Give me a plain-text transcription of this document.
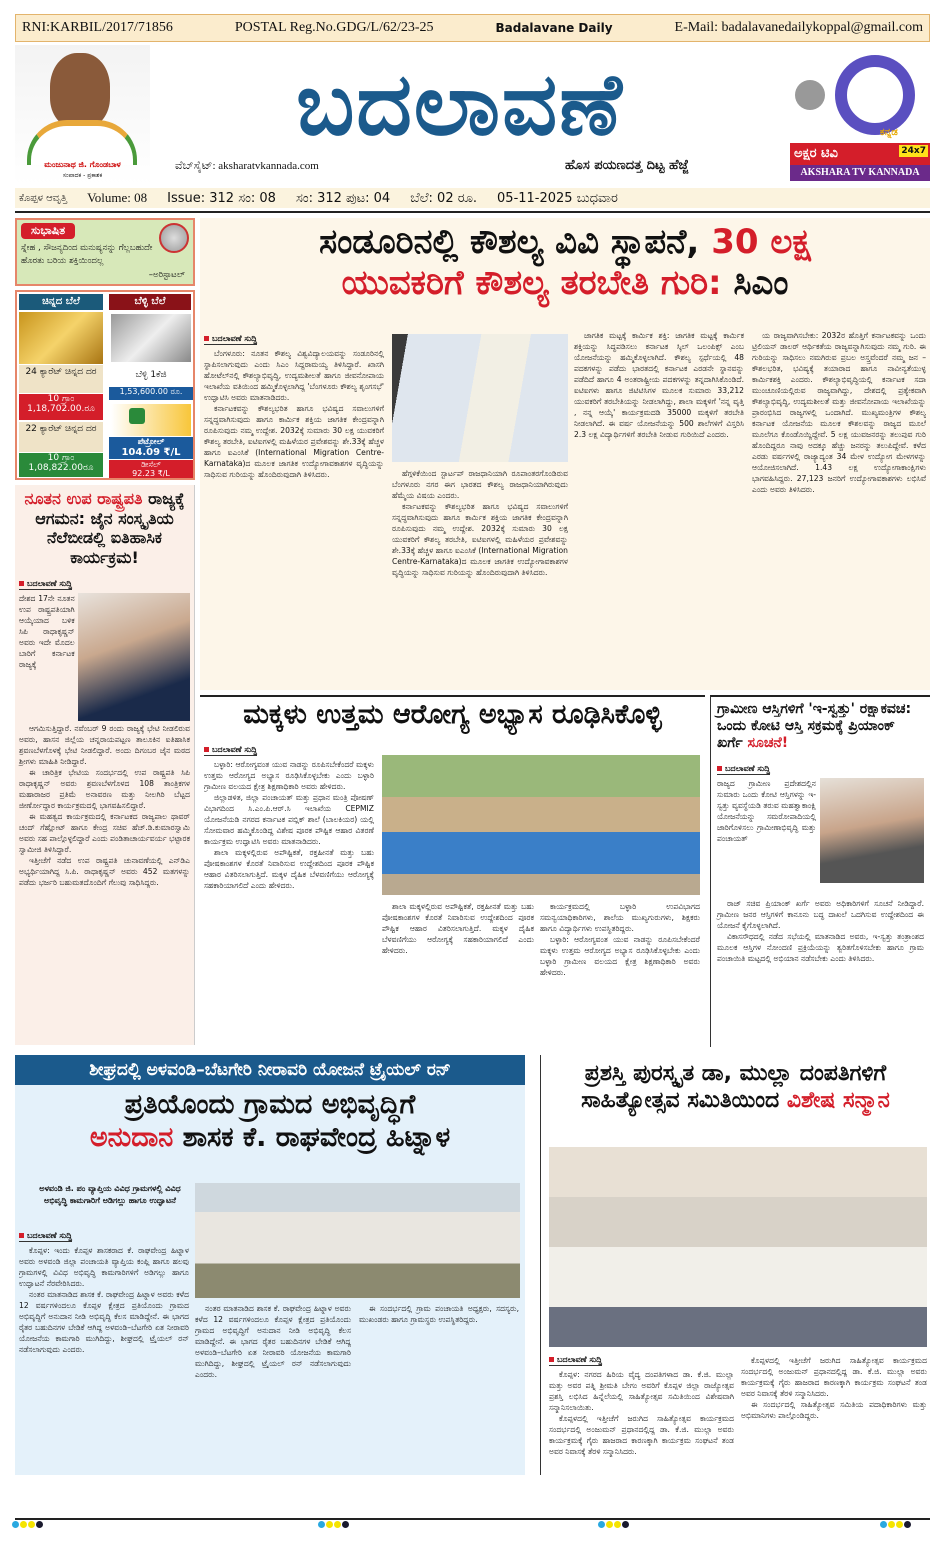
RNI:KARBIL/2017/71856	POSTAL Reg.No.GDG/L/62/23-25	Badalavane Daily	E-Mail: badalavanedailykoppal@gmail.com
ಮಂಜುನಾಥ ಜಿ. ಗೊಂಡಬಾಳ
ಸಂಪಾದಕ - ಪ್ರಕಾಶಕ
ಬದಲಾವಣೆ
ವೆಬ್‌ಸೈಟ್: aksharatvkannada.com	ಹೊಸ ಪಯಣದತ್ತ ದಿಟ್ಟ ಹೆಜ್ಜೆ
ಕನ್ನಡ
ಅಕ್ಷರ ಟಿವಿ	24x7
AKSHARA TV KANNADA
ಕೊಪ್ಪಳ ಆವೃತ್ತಿ Volume: 08 Issue: 312 ಸಂ: 08 ಸಂ: 312 ಪುಟ: 04 ಬೆಲೆ: 02 ರೂ. 05-11-2025 ಬುಧವಾರ
ಸುಭಾಷಿತ
ಸ್ನೇಹ , ಸೌಜನ್ಯದಿಂದ ಮನುಷ್ಯನನ್ನು ಗೆಲ್ಲಬಹುದೇ ಹೊರತು ಬರಿಯ ಶಕ್ತಿಯಿಂದಲ್ಲ
–ಅರಿಸ್ಟಾಟಲ್
ಚಿನ್ನದ ಬೆಲೆ	ಬೆಳ್ಳಿ ಬೆಲೆ
24 ಕ್ಯಾರೆಟ್ ಚಿನ್ನದ ದರ
10 ಗ್ರಾಂ
1,18,702.00.ರೂ
22 ಕ್ಯಾರೆಟ್ ಚಿನ್ನದ ದರ
10 ಗ್ರಾಂ
1,08,822.00ರೂ
ಬೆಳ್ಳಿ 1ಕೆಜಿ
1,53,600.00 ರೂ.
ಪೆಟ್ರೋಲ್
104.09 ₹/L
ಡೀಸೆಲ್
92.23 ₹/L
ನೂತನ ಉಪ ರಾಷ್ಟ್ರಪತಿ ರಾಜ್ಯಕ್ಕೆ ಆಗಮನ: ಜೈನ ಸಂಸ್ಕೃತಿಯ ನೆಲೆಬೀಡಲ್ಲಿ ಐತಿಹಾಸಿಕ ಕಾರ್ಯಕ್ರಮ!
ಬದಲಾವಣೆ ಸುದ್ದಿ
ದೇಶದ 17ನೇ ನೂತನ ಉಪ ರಾಷ್ಟ್ರಪತಿಯಾಗಿ ಆಯ್ಕೆಯಾದ ಬಳಿಕ ಸಿಪಿ ರಾಧಾಕೃಷ್ಣನ್ ಅವರು ಇದೇ ಮೊದಲ ಬಾರಿಗೆ ಕರ್ನಾಟಕ ರಾಜ್ಯಕ್ಕೆ

ಆಗಮಿಸುತ್ತಿದ್ದಾರೆ. ನವೆಂಬರ್ 9 ರಂದು ರಾಜ್ಯಕ್ಕೆ ಭೇಟಿ ನೀಡಲಿರುವ ಅವರು, ಹಾಸನ ಜಿಲ್ಲೆಯ ಚನ್ನರಾಯಪಟ್ಟಣ ತಾಲೂಕಿನ ಐತಿಹಾಸಿಕ ಶ್ರವಣಬೆಳಗೊಳಕ್ಕೆ ಭೇಟಿ ನೀಡಲಿದ್ದಾರೆ. ಅಂದು ದಿಗಂಬರ ಜೈನ ಮಠದ ಶ್ರೀಗಳು ಮಾಹಿತಿ ನೀಡಿದ್ದಾರೆ.

ಈ ಚಾರಿತ್ರಿಕ ಭೇಟಿಯ ಸಂದರ್ಭದಲ್ಲಿ ಉಪ ರಾಷ್ಟ್ರಪತಿ ಸಿಪಿ ರಾಧಾಕೃಷ್ಣನ್ ಅವರು ಶ್ರವಣಬೆಳಗೊಳದ 108 ತಾಂತ್ರಿಕಗಳ ಮಹಾರಾಜರ ಪ್ರತಿಮೆ ಅನಾವರಣ ಮತ್ತು ನೀಲಗಿರಿ ಬೆಟ್ಟದ ಜೀರ್ಣೋದ್ಧಾರ ಕಾರ್ಯಕ್ರಮದಲ್ಲಿ ಭಾಗವಹಿಸಲಿದ್ದಾರೆ.

ಈ ಮಹತ್ವದ ಕಾರ್ಯಕ್ರಮದಲ್ಲಿ ಕರ್ನಾಟಕದ ರಾಜ್ಯಪಾಲ ಥಾವರ್ ಚಂದ್ ಗೆಹ್ಲೋಟ್ ಹಾಗೂ ಕೇಂದ್ರ ಸಚಿವ ಹೆಚ್.ಡಿ.ಕುಮಾರಸ್ವಾಮಿ ಅವರು ಸಹ ಪಾಲ್ಗೊಳ್ಳಲಿದ್ದಾರೆ ಎಂದು ಪಂಡಿತಾಚಾರ್ಯವರ್ಯ ಭಟ್ಟಾರಕ ಸ್ವಾಮೀಜಿ ತಿಳಿಸಿದ್ದಾರೆ.

ಇತ್ತೀಚೆಗೆ ನಡೆದ ಉಪ ರಾಷ್ಟ್ರಪತಿ ಚುನಾವಣೆಯಲ್ಲಿ ಎನ್‌ಡಿಎ ಅಭ್ಯರ್ಥಿಯಾಗಿದ್ದ ಸಿ.ಪಿ. ರಾಧಾಕೃಷ್ಣನ್ ಅವರು 452 ಮತಗಳನ್ನು ಪಡೆದು ಭರ್ಜರಿ ಬಹುಮತದೊಂದಿಗೆ ಗೆಲುವು ಸಾಧಿಸಿದ್ದರು.

ಸಂಡೂರಿನಲ್ಲಿ ಕೌಶಲ್ಯ ವಿವಿ ಸ್ಥಾಪನೆ, 30 ಲಕ್ಷ
ಯುವಕರಿಗೆ ಕೌಶಲ್ಯ ತರಬೇತಿ ಗುರಿ: ಸಿಎಂ
ಬದಲಾವಣೆ ಸುದ್ದಿ

ಬೆಂಗಳೂರು: ನೂತನ ಕೌಶಲ್ಯ ವಿಶ್ವವಿದ್ಯಾಲಯವನ್ನು ಸಂಡೂರಿನಲ್ಲಿ ಸ್ಥಾಪಿಸಲಾಗುವುದು ಎಂದು ಸಿಎಂ ಸಿದ್ದರಾಮಯ್ಯ ತಿಳಿಸಿದ್ದಾರೆ. ಖಾಸಗಿ ಹೋಟೆಲ್‌ನಲ್ಲಿ ಕೌಶಲ್ಯಾಭಿವೃದ್ಧಿ, ಉದ್ಯಮಶೀಲತೆ ಹಾಗೂ ಜೀವನೋಪಾಯ ಇಲಾಖೆಯ ವತಿಯಿಂದ ಹಮ್ಮಿಕೊಳ್ಳಲಾಗಿದ್ದ 'ಬೆಂಗಳೂರು ಕೌಶಲ್ಯ ಶೃಂಗಸಭೆ' ಉದ್ಘಾಟಿಸಿ ಅವರು ಮಾತನಾಡಿದರು.

ಕರ್ನಾಟಕವನ್ನು ಕೌಶಲ್ಯಭರಿತ ಹಾಗೂ ಭವಿಷ್ಯದ ಸವಾಲುಗಳಿಗೆ ಸನ್ನದ್ಧವಾಗಿಸುವುದು ಹಾಗೂ ಕಾರ್ಮಿಕ ಶಕ್ತಿಯ ಜಾಗತಿಕ ಕೇಂದ್ರವನ್ನಾಗಿ ರೂಪಿಸುವುದು ನಮ್ಮ ಉದ್ದೇಶ. 2032ಕ್ಕೆ ಸುಮಾರು 30 ಲಕ್ಷ ಯುವಕರಿಗೆ ಕೌಶಲ್ಯ ತರಬೇತಿ, ಐಟಿಐಗಳಲ್ಲಿ ಮಹಿಳೆಯರ ಪ್ರವೇಶವನ್ನು ಶೇ.33ಕ್ಕೆ ಹೆಚ್ಚಳ ಹಾಗೂ ಐಎಂಸಿಕೆ (International Migration Centre-Karnataka)ದ ಮೂಲಕ ಜಾಗತಿಕ ಉದ್ಯೋಗಾವಕಾಶಗಳ ವೃದ್ಧಿಯನ್ನು ಸಾಧಿಸುವ ಗುರಿಯನ್ನು ಹೊಂದಿರುವುದಾಗಿ ತಿಳಿಸಿದರು.	ಹೆಗ್ಗಳಿಕೆಯಿಂದ ಸ್ಟಾರ್ಟಪ್ ರಾಜಧಾನಿಯಾಗಿ ರೂಪಾಂತರಗೊಂಡಿರುವ ಬೆಂಗಳೂರು ನಗರ ಈಗ ಭಾರತದ ಕೌಶಲ್ಯ ರಾಜಧಾನಿಯಾಗಿರುವುದು ಹೆಮ್ಮೆಯ ವಿಷಯ ಎಂದರು.

ಕರ್ನಾಟಕವನ್ನು ಕೌಶಲ್ಯಭರಿತ ಹಾಗೂ ಭವಿಷ್ಯದ ಸವಾಲುಗಳಿಗೆ ಸನ್ನದ್ಧವಾಗಿಸುವುದು ಹಾಗೂ ಕಾರ್ಮಿಕ ಶಕ್ತಿಯ ಜಾಗತಿಕ ಕೇಂದ್ರವನ್ನಾಗಿ ರೂಪಿಸುವುದು ನಮ್ಮ ಉದ್ದೇಶ. 2032ಕ್ಕೆ ಸುಮಾರು 30 ಲಕ್ಷ ಯುವಕರಿಗೆ ಕೌಶಲ್ಯ ತರಬೇತಿ, ಐಟಿಐಗಳಲ್ಲಿ ಮಹಿಳೆಯರ ಪ್ರವೇಶವನ್ನು ಶೇ.33ಕ್ಕೆ ಹೆಚ್ಚಳ ಹಾಗೂ ಐಎಂಸಿಕೆ (International Migration Centre-Karnataka)ದ ಮೂಲಕ ಜಾಗತಿಕ ಉದ್ಯೋಗಾವಕಾಶಗಳ ವೃದ್ಧಿಯನ್ನು ಸಾಧಿಸುವ ಗುರಿಯನ್ನು ಹೊಂದಿರುವುದಾಗಿ ತಿಳಿಸಿದರು.

ಜಾಗತಿಕ ಮಟ್ಟಕ್ಕೆ ಕಾರ್ಮಿಕ ಶಕ್ತಿ: ಜಾಗತಿಕ ಮಟ್ಟಕ್ಕೆ ಕಾರ್ಮಿಕ ಶಕ್ತಿಯನ್ನು ಸಿದ್ಧಪಡಿಸಲು ಕರ್ನಾಟಕ ಸ್ಕಿಲ್ ಒಲಂಪಿಕ್ಸ್ ಎಂಬ ಯೋಜನೆಯನ್ನು ಹಮ್ಮಿಕೊಳ್ಳಲಾಗಿದೆ. ಕೌಶಲ್ಯ ಸ್ಪರ್ಧೆಯಲ್ಲಿ 48 ಪದಕಗಳನ್ನು ಪಡೆದು ಭಾರತದಲ್ಲಿ ಕರ್ನಾಟಕ ಎರಡನೇ ಸ್ಥಾನವನ್ನು ಪಡೆದಿದೆ ಹಾಗೂ 4 ಅಂತರಾಷ್ಟ್ರೀಯ ಪದಕಗಳನ್ನು ತನ್ನದಾಗಿಸಿಕೊಂಡಿದೆ. ಐಟಿಐಗಳು ಹಾಗೂ ಜಿಟಿಟಿಸಿಗಳ ಮೂಲಕ ಸುಮಾರು 33,212 ಯುವಕರಿಗೆ ತರಬೇತಿಯನ್ನು ನೀಡಲಾಗಿದ್ದು, ಶಾಲಾ ಮಕ್ಕಳಿಗೆ 'ನನ್ನ ವೃತ್ತಿ , ನನ್ನ ಆಯ್ಕೆ' ಕಾರ್ಯಕ್ರಮದಡಿ 35000 ಮಕ್ಕಳಿಗೆ ತರಬೇತಿ ನೀಡಲಾಗಿದೆ. ಈ ವರ್ಷ ಯೋಜನೆಯನ್ನು 500 ಶಾಲೆಗಳಿಗೆ ವಿಸ್ತರಿಸಿ 2.3 ಲಕ್ಷ ವಿದ್ಯಾರ್ಥಿಗಳಿಗೆ ತರಬೇತಿ ನೀಡುವ ಗುರಿಯಿದೆ ಎಂದರು.

ಯ ರಾಜ್ಯವಾಗಿಸಬೇಕು: 2032ರ ಹೊತ್ತಿಗೆ ಕರ್ನಾಟಕವನ್ನು ಒಂದು ಟ್ರಿಲಿಯನ್ ಡಾಲರ್ ಆರ್ಥಿಕತೆಯ ರಾಜ್ಯವನ್ನಾಗಿಸುವುದು ನಮ್ಮ ಗುರಿ. ಈ ಗುರಿಯನ್ನು ಸಾಧಿಸಲು ನಮಗಿರುವ ಪ್ರಬಲ ಅಸ್ತ್ರವೆಂದರೆ ನಮ್ಮ ಜನ – ಕೌಶಲಭರಿತ, ಭವಿಷ್ಯಕ್ಕೆ ತಯಾರಾದ ಹಾಗೂ ನಾವೀನ್ಯತೆಯುಳ್ಳ ಕಾರ್ಮಿಕಶಕ್ತಿ ಎಂದರು. ಕೌಶಲ್ಯಾಭಿವೃದ್ಧಿಯಲ್ಲಿ ಕರ್ನಾಟಕ ಸದಾ ಮುಂಚೂಣಿಯಲ್ಲಿರುವ ರಾಜ್ಯವಾಗಿದ್ದು, ದೇಶದಲ್ಲಿ ಪ್ರತ್ಯೇಕವಾಗಿ ಕೌಶಲ್ಯಾಭಿವೃದ್ಧಿ, ಉದ್ಯಮಶೀಲತೆ ಮತ್ತು ಜೀವನೋಪಾಯ ಇಲಾಖೆಯನ್ನು ಪ್ರಾರಂಭಿಸಿದ ರಾಜ್ಯಗಳಲ್ಲಿ ಒಂದಾಗಿದೆ. ಮುಖ್ಯಮಂತ್ರಿಗಳ ಕೌಶಲ್ಯ ಕರ್ನಾಟಕ ಯೋಜನೆಯ ಮೂಲಕ ಕೌಶಲವನ್ನು ರಾಜ್ಯದ ಮೂಲೆ ಮೂಲೆಗೂ ಕೊಂಡೊಯ್ದಿದ್ದೇವೆ. 5 ಲಕ್ಷ ಯುವಜನರನ್ನು ತಲುಪುವ ಗುರಿ ಹೊಂದಿದ್ದರೂ ನಾವು ಅದಕ್ಕೂ ಹೆಚ್ಚು ಜನರನ್ನು ತಲುಪಿದ್ದೇವೆ. ಕಳೆದ ಎರಡು ವರ್ಷಗಳಲ್ಲಿ ರಾಜ್ಯಾದ್ಯಂತ 34 ಮೇಳ ಉದ್ಯೋಗ ಮೇಳಗಳನ್ನು ಆಯೋಜಿಸಲಾಗಿದೆ. 1.43 ಲಕ್ಷ ಉದ್ಯೋಗಾಕಾಂಕ್ಷಿಗಳು ಭಾಗವಹಿಸಿದ್ದರು. 27,123 ಜನರಿಗೆ ಉದ್ಯೋಗಾವಕಾಶಗಳು ಲಭಿಸಿವೆ ಎಂದು ಅವರು ತಿಳಿಸಿದರು.

ಮಕ್ಕಳು ಉತ್ತಮ ಆರೋಗ್ಯ ಅಭ್ಯಾಸ ರೂಢಿಸಿಕೊಳ್ಳಿ
ಬದಲಾವಣೆ ಸುದ್ದಿ

ಬಳ್ಳಾರಿ: ಆರೋಗ್ಯವಂತ ಯುವ ನಾಡನ್ನು ರೂಪಿಸಬೇಕೆಂದರೆ ಮಕ್ಕಳು ಉತ್ತಮ ಆರೋಗ್ಯದ ಅಭ್ಯಾಸ ರೂಢಿಸಿಕೊಳ್ಳಬೇಕು ಎಂದು ಬಳ್ಳಾರಿ ಗ್ರಾಮೀಣ ವಲಯದ ಕ್ಷೇತ್ರ ಶಿಕ್ಷಣಾಧಿಕಾರಿ ಅವರು ಹೇಳಿದರು.

ಜಿಲ್ಲಾಡಳಿತ, ಜಿಲ್ಲಾ ಪಂಚಾಯತ್ ಮತ್ತು ಪ್ರಧಾನ ಮಂತ್ರಿ ಪೋಷಣ್ ವಿಭಾಗದಿಂದ ಸಿ.ಎಂ.ಪಿ.ಆರ್.ಸಿ ಇಲಾಖೆಯ CEPMIZ ಯೋಜನೆಯಡಿ ನಗರದ ಕರ್ನಾಟಕ ಪಬ್ಲಿಕ್ ಶಾಲೆ (ಬಾಲಕಿಯರ) ಯಲ್ಲಿ ಸೋಮವಾರ ಹಮ್ಮಿಕೊಂಡಿದ್ದ ವಿಶೇಷ ಪೂರಕ ಪೌಷ್ಟಿಕ ಆಹಾರ ವಿತರಣೆ ಕಾರ್ಯಕ್ರಮ ಉದ್ಘಾಟಿಸಿ ಅವರು ಮಾತನಾಡಿದರು.

ಶಾಲಾ ಮಕ್ಕಳಲ್ಲಿರುವ ಅಪೌಷ್ಟಿಕತೆ, ರಕ್ತಹೀನತೆ ಮತ್ತು ಬಹು ಪೋಷಕಾಂಶಗಳ ಕೊರತೆ ನಿವಾರಿಸುವ ಉದ್ದೇಶದಿಂದ ಪೂರಕ ಪೌಷ್ಟಿಕ ಆಹಾರ ವಿತರಿಸಲಾಗುತ್ತಿದೆ. ಮಕ್ಕಳ ದೈಹಿಕ ಬೆಳವಣಿಗೆಯು ಆರೋಗ್ಯಕ್ಕೆ ಸಹಕಾರಿಯಾಗಲಿದೆ ಎಂದು ಹೇಳಿದರು.

ಶಾಲಾ ಮಕ್ಕಳಲ್ಲಿರುವ ಅಪೌಷ್ಟಿಕತೆ, ರಕ್ತಹೀನತೆ ಮತ್ತು ಬಹು ಪೋಷಕಾಂಶಗಳ ಕೊರತೆ ನಿವಾರಿಸುವ ಉದ್ದೇಶದಿಂದ ಪೂರಕ ಪೌಷ್ಟಿಕ ಆಹಾರ ವಿತರಿಸಲಾಗುತ್ತಿದೆ. ಮಕ್ಕಳ ದೈಹಿಕ ಬೆಳವಣಿಗೆಯು ಆರೋಗ್ಯಕ್ಕೆ ಸಹಕಾರಿಯಾಗಲಿದೆ ಎಂದು ಹೇಳಿದರು.

ಕಾರ್ಯಕ್ರಮದಲ್ಲಿ ಬಳ್ಳಾರಿ ಉಪವಿಭಾಗದ ಸಮನ್ವಯಾಧಿಕಾರಿಗಳು, ಶಾಲೆಯ ಮುಖ್ಯಗುರುಗಳು, ಶಿಕ್ಷಕರು ಹಾಗೂ ವಿದ್ಯಾರ್ಥಿಗಳು ಉಪಸ್ಥಿತರಿದ್ದರು.

ಬಳ್ಳಾರಿ: ಆರೋಗ್ಯವಂತ ಯುವ ನಾಡನ್ನು ರೂಪಿಸಬೇಕೆಂದರೆ ಮಕ್ಕಳು ಉತ್ತಮ ಆರೋಗ್ಯದ ಅಭ್ಯಾಸ ರೂಢಿಸಿಕೊಳ್ಳಬೇಕು ಎಂದು ಬಳ್ಳಾರಿ ಗ್ರಾಮೀಣ ವಲಯದ ಕ್ಷೇತ್ರ ಶಿಕ್ಷಣಾಧಿಕಾರಿ ಅವರು ಹೇಳಿದರು.

ಗ್ರಾಮೀಣ ಆಸ್ತಿಗಳಿಗೆ 'ಇ-ಸ್ವತ್ತು' ರಕ್ಷಾಕವಚ: ಒಂದು ಕೋಟಿ ಆಸ್ತಿ ಸಕ್ರಮಕ್ಕೆ ಪ್ರಿಯಾಂಕ್ ಖರ್ಗೆ ಸೂಚನೆ!
ಬದಲಾವಣೆ ಸುದ್ದಿ
ರಾಜ್ಯದ ಗ್ರಾಮೀಣ ಪ್ರದೇಶದಲ್ಲಿನ ಸುಮಾರು ಒಂದು ಕೋಟಿ ಆಸ್ತಿಗಳನ್ನು ಇ-ಸ್ವತ್ತು ವ್ಯವಸ್ಥೆಯಡಿ ತರುವ ಮಹತ್ವಾಕಾಂಕ್ಷಿ ಯೋಜನೆಯನ್ನು ಸಮರೋಪಾದಿಯಲ್ಲಿ ಜಾರಿಗೊಳಿಸಲು ಗ್ರಾಮೀಣಾಭಿವೃದ್ಧಿ ಮತ್ತು ಪಂಚಾಯತ್

ರಾಜ್ ಸಚಿವ ಪ್ರಿಯಾಂಕ್ ಖರ್ಗೆ ಅವರು ಅಧಿಕಾರಿಗಳಿಗೆ ಸೂಚನೆ ನೀಡಿದ್ದಾರೆ. ಗ್ರಾಮೀಣ ಜನರ ಆಸ್ತಿಗಳಿಗೆ ಕಾನೂನು ಬದ್ಧ ದಾಖಲೆ ಒದಗಿಸುವ ಉದ್ದೇಶದಿಂದ ಈ ಯೋಜನೆ ಕೈಗೊಳ್ಳಲಾಗಿದೆ.

ವಿಕಾಸಸೌಧದಲ್ಲಿ ನಡೆದ ಸಭೆಯಲ್ಲಿ ಮಾತನಾಡಿದ ಅವರು, ಇ-ಸ್ವತ್ತು ತಂತ್ರಾಂಶದ ಮೂಲಕ ಆಸ್ತಿಗಳ ನೋಂದಣಿ ಪ್ರಕ್ರಿಯೆಯನ್ನು ತ್ವರಿತಗೊಳಿಸಬೇಕು ಹಾಗೂ ಗ್ರಾಮ ಪಂಚಾಯಿತಿ ಮಟ್ಟದಲ್ಲಿ ಅಭಿಯಾನ ನಡೆಸಬೇಕು ಎಂದು ತಿಳಿಸಿದರು.

ಶೀಘ್ರದಲ್ಲಿ ಅಳವಂಡಿ–ಬೆಟಗೇರಿ ನೀರಾವರಿ ಯೋಜನೆ ಟ್ರೈಯಲ್ ರನ್
ಪ್ರತಿಯೊಂದು ಗ್ರಾಮದ ಅಭಿವೃದ್ಧಿಗೆ
ಅನುದಾನ ಶಾಸಕ ಕೆ. ರಾಘವೇಂದ್ರ ಹಿಟ್ನಾಳ
ಅಳವಂಡಿ ಜಿ. ಪಂ ವ್ಯಾಪ್ತಿಯ ವಿವಿಧ ಗ್ರಾಮಗಳಲ್ಲಿ ವಿವಿಧ ಅಭಿವೃದ್ಧಿ ಕಾಮಗಾರಿಗೆ ಅಡಿಗಲ್ಲು ಹಾಗೂ ಉದ್ಘಾಟನೆ
ಬದಲಾವಣೆ ಸುದ್ದಿ

ಕೊಪ್ಪಳ: ಇಂದು ಕೊಪ್ಪಳ ಶಾಸಕರಾದ ಕೆ. ರಾಘವೇಂದ್ರ ಹಿಟ್ನಾಳ ಅವರು ಅಳವಂಡಿ ಜಿಲ್ಲಾ ಪಂಚಾಯತಿ ವ್ಯಾಪ್ತಿಯ ಕಂಪ್ಲಿ ಹಾಗೂ ಹಲವು ಗ್ರಾಮಗಳಲ್ಲಿ ವಿವಿಧ ಅಭಿವೃದ್ಧಿ ಕಾಮಗಾರಿಗಳಿಗೆ ಅಡಿಗಲ್ಲು ಹಾಗೂ ಉದ್ಘಾಟನೆ ನೆರವೇರಿಸಿದರು.

ನಂತರ ಮಾತನಾಡಿದ ಶಾಸಕ ಕೆ. ರಾಘವೇಂದ್ರ ಹಿಟ್ನಾಳ ಅವರು ಕಳೆದ 12 ವರ್ಷಗಳಿಂದಲೂ ಕೊಪ್ಪಳ ಕ್ಷೇತ್ರದ ಪ್ರತಿಯೊಂದು ಗ್ರಾಮದ ಅಭಿವೃದ್ಧಿಗೆ ಅನುದಾನ ನೀಡಿ ಅಭಿವೃದ್ಧಿ ಕೆಲಸ ಮಾಡಿದ್ದೇನೆ. ಈ ಭಾಗದ ರೈತರ ಬಹುದಿನಗಳ ಬೇಡಿಕೆ ಆಗಿದ್ದ ಅಳವಂಡಿ–ಬೆಟಗೇರಿ ಏತ ನೀರಾವರಿ ಯೋಜನೆಯ ಕಾಮಗಾರಿ ಮುಗಿದಿದ್ದು, ಶೀಘ್ರದಲ್ಲಿ ಟ್ರೈಯಲ್ ರನ್ ನಡೆಸಲಾಗುವುದು ಎಂದರು.

ನಂತರ ಮಾತನಾಡಿದ ಶಾಸಕ ಕೆ. ರಾಘವೇಂದ್ರ ಹಿಟ್ನಾಳ ಅವರು ಕಳೆದ 12 ವರ್ಷಗಳಿಂದಲೂ ಕೊಪ್ಪಳ ಕ್ಷೇತ್ರದ ಪ್ರತಿಯೊಂದು ಗ್ರಾಮದ ಅಭಿವೃದ್ಧಿಗೆ ಅನುದಾನ ನೀಡಿ ಅಭಿವೃದ್ಧಿ ಕೆಲಸ ಮಾಡಿದ್ದೇನೆ. ಈ ಭಾಗದ ರೈತರ ಬಹುದಿನಗಳ ಬೇಡಿಕೆ ಆಗಿದ್ದ ಅಳವಂಡಿ–ಬೆಟಗೇರಿ ಏತ ನೀರಾವರಿ ಯೋಜನೆಯ ಕಾಮಗಾರಿ ಮುಗಿದಿದ್ದು, ಶೀಘ್ರದಲ್ಲಿ ಟ್ರೈಯಲ್ ರನ್ ನಡೆಸಲಾಗುವುದು ಎಂದರು.

ಈ ಸಂದರ್ಭದಲ್ಲಿ ಗ್ರಾಮ ಪಂಚಾಯತಿ ಅಧ್ಯಕ್ಷರು, ಸದಸ್ಯರು, ಮುಖಂಡರು ಹಾಗೂ ಗ್ರಾಮಸ್ಥರು ಉಪಸ್ಥಿತರಿದ್ದರು.

ಪ್ರಶಸ್ತಿ ಪುರಸ್ಕೃತ ಡಾ, ಮುಲ್ಲಾ ದಂಪತಿಗಳಿಗೆ
ಸಾಹಿತ್ಯೋತ್ಸವ ಸಮಿತಿಯಿಂದ ವಿಶೇಷ ಸನ್ಮಾನ
ಬದಲಾವಣೆ ಸುದ್ದಿ

ಕೊಪ್ಪಳ: ನಗರದ ಹಿರಿಯ ವೈದ್ಯ ದಂಪತಿಗಳಾದ ಡಾ. ಕೆ.ಜಿ. ಮುಲ್ಲಾ ಮತ್ತು ಅವರ ಪತ್ನಿ ಶ್ರೀಮತಿ ಬೇಗಂ ಅವರಿಗೆ ಕೊಪ್ಪಳ ಜಿಲ್ಲಾ ರಾಜ್ಯೋತ್ಸವ ಪ್ರಶಸ್ತಿ ಲಭಿಸಿದ ಹಿನ್ನೆಲೆಯಲ್ಲಿ ಸಾಹಿತ್ಯೋತ್ಸವ ಸಮಿತಿಯಿಂದ ವಿಶೇಷವಾಗಿ ಸನ್ಮಾನಿಸಲಾಯಿತು.

ಕೊಪ್ಪಳದಲ್ಲಿ ಇತ್ತೀಚೆಗೆ ಜರುಗಿದ ಸಾಹಿತ್ಯೋತ್ಸವ ಕಾರ್ಯಕ್ರಮದ ಸಂದರ್ಭದಲ್ಲಿ ಅಂಜುಮನ್ ಪ್ರಧಾನದಲ್ಲಿದ್ದ ಡಾ. ಕೆ.ಜಿ. ಮುಲ್ಲಾ ಅವರು ಕಾರ್ಯಕ್ರಮಕ್ಕೆ ಗೈರು ಹಾಜರಾದ ಕಾರಣಕ್ಕಾಗಿ ಕಾರ್ಯಕ್ರಮ ಸಂಘಟನೆ ತಂಡ ಅವರ ನಿವಾಸಕ್ಕೆ ತೆರಳಿ ಸನ್ಮಾನಿಸಿದರು.

ಕೊಪ್ಪಳದಲ್ಲಿ ಇತ್ತೀಚೆಗೆ ಜರುಗಿದ ಸಾಹಿತ್ಯೋತ್ಸವ ಕಾರ್ಯಕ್ರಮದ ಸಂದರ್ಭದಲ್ಲಿ ಅಂಜುಮನ್ ಪ್ರಧಾನದಲ್ಲಿದ್ದ ಡಾ. ಕೆ.ಜಿ. ಮುಲ್ಲಾ ಅವರು ಕಾರ್ಯಕ್ರಮಕ್ಕೆ ಗೈರು ಹಾಜರಾದ ಕಾರಣಕ್ಕಾಗಿ ಕಾರ್ಯಕ್ರಮ ಸಂಘಟನೆ ತಂಡ ಅವರ ನಿವಾಸಕ್ಕೆ ತೆರಳಿ ಸನ್ಮಾನಿಸಿದರು.

ಈ ಸಂದರ್ಭದಲ್ಲಿ ಸಾಹಿತ್ಯೋತ್ಸವ ಸಮಿತಿಯ ಪದಾಧಿಕಾರಿಗಳು ಮತ್ತು ಅಭಿಮಾನಿಗಳು ಪಾಲ್ಗೊಂಡಿದ್ದರು.
